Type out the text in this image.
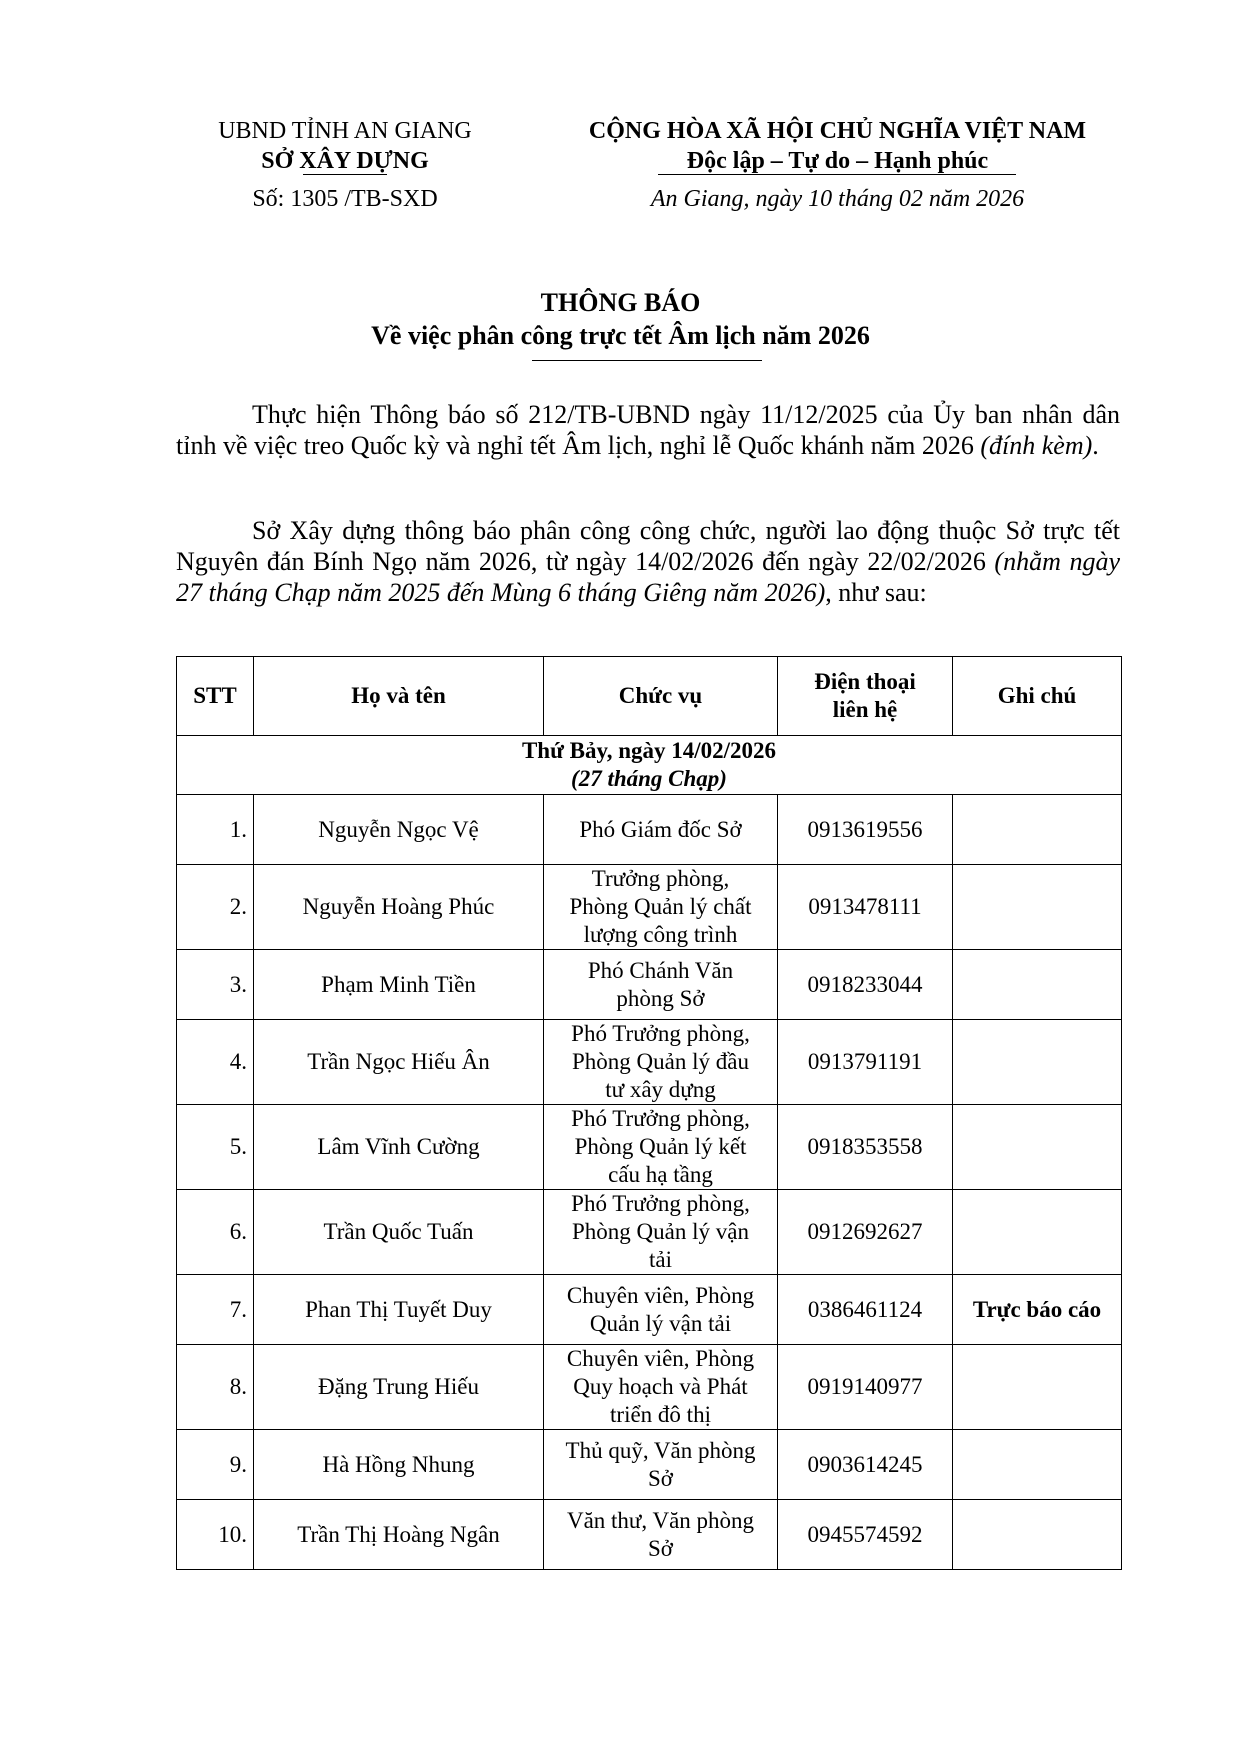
UBND TỈNH AN GIANG
SỞ XÂY DỰNG
Số: 1305 /TB-SXD
CỘNG HÒA XÃ HỘI CHỦ NGHĨA VIỆT NAM
Độc lập – Tự do – Hạnh phúc
An Giang, ngày 10 tháng 02 năm 2026
THÔNG BÁO
Về việc phân công trực tết Âm lịch năm 2026
Thực hiện Thông báo số 212/TB-UBND ngày 11/12/2025 của Ủy ban nhân dân tỉnh về việc treo Quốc kỳ và nghỉ tết Âm lịch, nghỉ lễ Quốc khánh năm 2026 (đính kèm).
Sở Xây dựng thông báo phân công công chức, người lao động thuộc Sở trực tết Nguyên đán Bính Ngọ năm 2026, từ ngày 14/02/2026 đến ngày 22/02/2026 (nhằm ngày 27 tháng Chạp năm 2025 đến Mùng 6 tháng Giêng năm 2026), như sau:
STT	Họ và tên	Chức vụ	Điện thoại
liên hệ	Ghi chú

Thứ Bảy, ngày 14/02/2026
(27 tháng Chạp)				

1.	Nguyễn Ngọc Vệ	Phó Giám đốc Sở	0913619556	
2.	Nguyễn Hoàng Phúc	Trưởng phòng,
Phòng Quản lý chất
lượng công trình	0913478111	
3.	Phạm Minh Tiền	Phó Chánh Văn
phòng Sở	0918233044	
4.	Trần Ngọc Hiếu Ân	Phó Trưởng phòng,
Phòng Quản lý đầu
tư xây dựng	0913791191	
5.	Lâm Vĩnh Cường	Phó Trưởng phòng,
Phòng Quản lý kết
cấu hạ tầng	0918353558	
6.	Trần Quốc Tuấn	Phó Trưởng phòng,
Phòng Quản lý vận
tải	0912692627	
7.	Phan Thị Tuyết Duy	Chuyên viên, Phòng
Quản lý vận tải	0386461124	Trực báo cáo
8.	Đặng Trung Hiếu	Chuyên viên, Phòng
Quy hoạch và Phát
triển đô thị	0919140977	
9.	Hà Hồng Nhung	Thủ quỹ, Văn phòng
Sở	0903614245	
10.	Trần Thị Hoàng Ngân	Văn thư, Văn phòng
Sở	0945574592	
